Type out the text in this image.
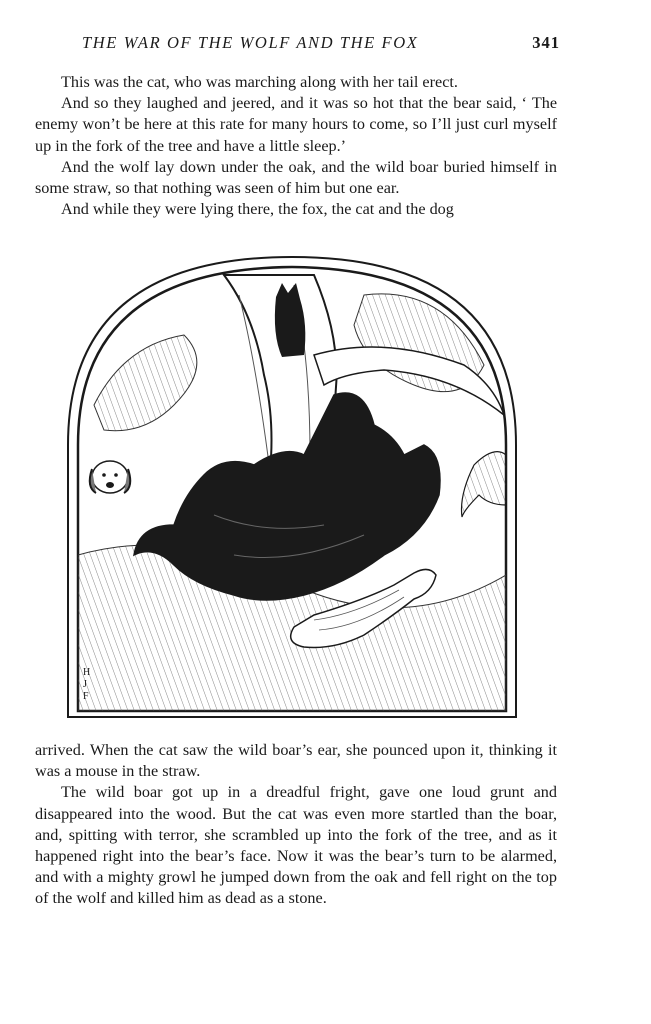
THE WAR OF THE WOLF AND THE FOX	341

This was the cat, who was marching along with her tail erect.

And so they laughed and jeered, and it was so hot that the bear said, ‘ The enemy won’t be here at this rate for many hours to come, so I’ll just curl myself up in the fork of the tree and have a little sleep.’

And the wolf lay down under the oak, and the wild boar buried himself in some straw, so that nothing was seen of him but one ear.

And while they were lying there, the fox, the cat and the dog

H J F

arrived. When the cat saw the wild boar’s ear, she pounced upon it, thinking it was a mouse in the straw.

The wild boar got up in a dreadful fright, gave one loud grunt and disappeared into the wood. But the cat was even more startled than the boar, and, spitting with terror, she scrambled up into the fork of the tree, and as it happened right into the bear’s face. Now it was the bear’s turn to be alarmed, and with a mighty growl he jumped down from the oak and fell right on the top of the wolf and killed him as dead as a stone.
